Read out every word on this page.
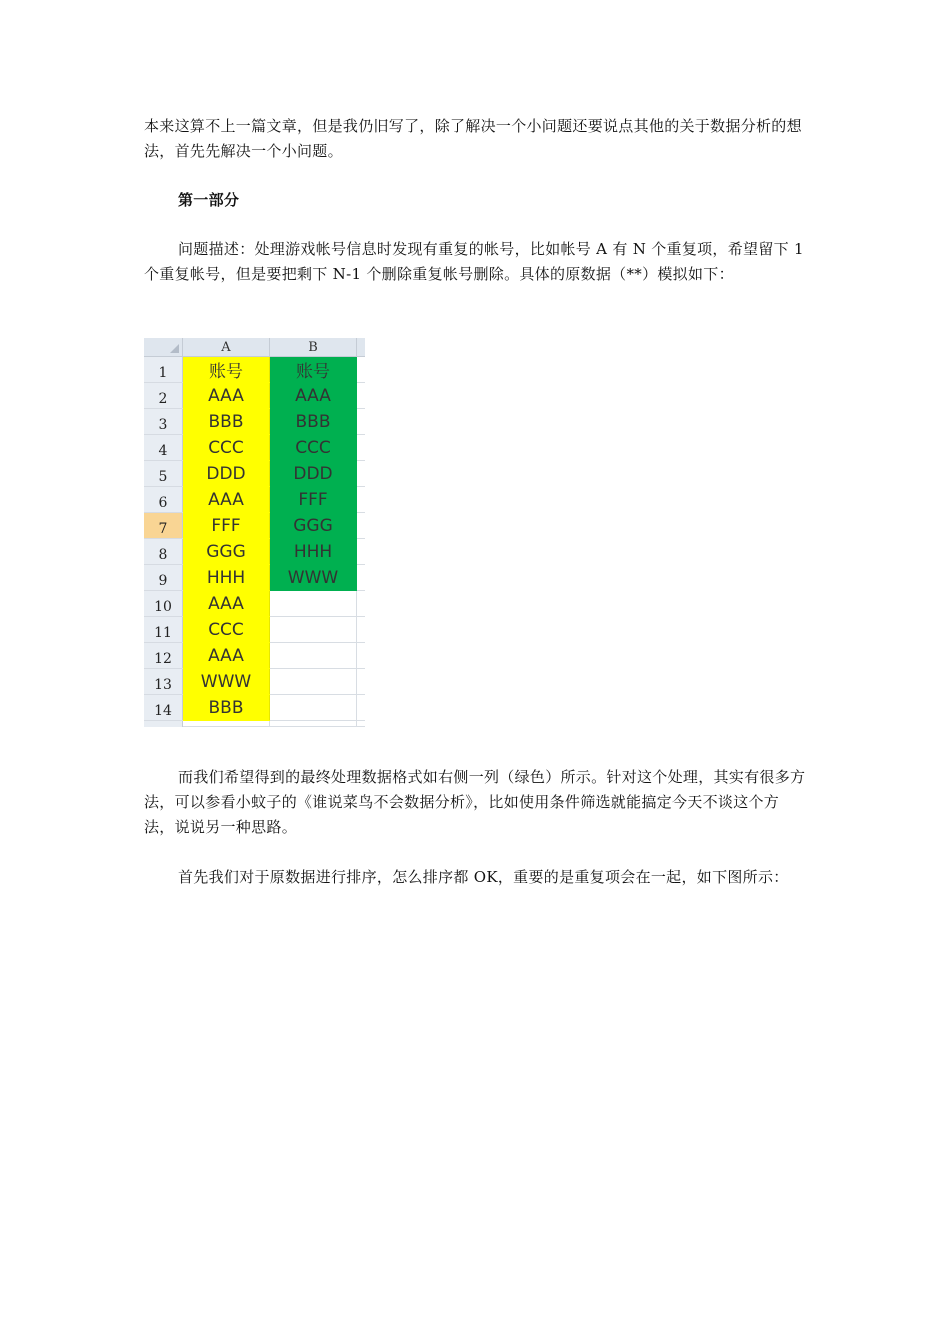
本来这算不上一篇文章，但是我仍旧写了，除了解决一个小问题还要说点其他的关于数据分析的想法，首先先解决一个小问题。

第一部分

问题描述：处理游戏帐号信息时发现有重复的帐号，比如帐号 A 有 N 个重复项，希望留下 1 个重复帐号，但是要把剩下 N-1 个删除重复帐号删除。具体的原数据（**）模拟如下：

	A	B	
1	账号	账号	
2	AAA	AAA	
3	BBB	BBB	
4	CCC	CCC	
5	DDD	DDD	
6	AAA	FFF	
7	FFF	GGG	
8	GGG	HHH	
9	HHH	WWW	
10	AAA		
11	CCC		
12	AAA		
13	WWW		
14	BBB		

而我们希望得到的最终处理数据格式如右侧一列（绿色）所示。针对这个处理，其实有很多方法，可以参看小蚊子的《谁说菜鸟不会数据分析》，比如使用条件筛选就能搞定今天不谈这个方法，说说另一种思路。

首先我们对于原数据进行排序，怎么排序都 OK，重要的是重复项会在一起，如下图所示：
